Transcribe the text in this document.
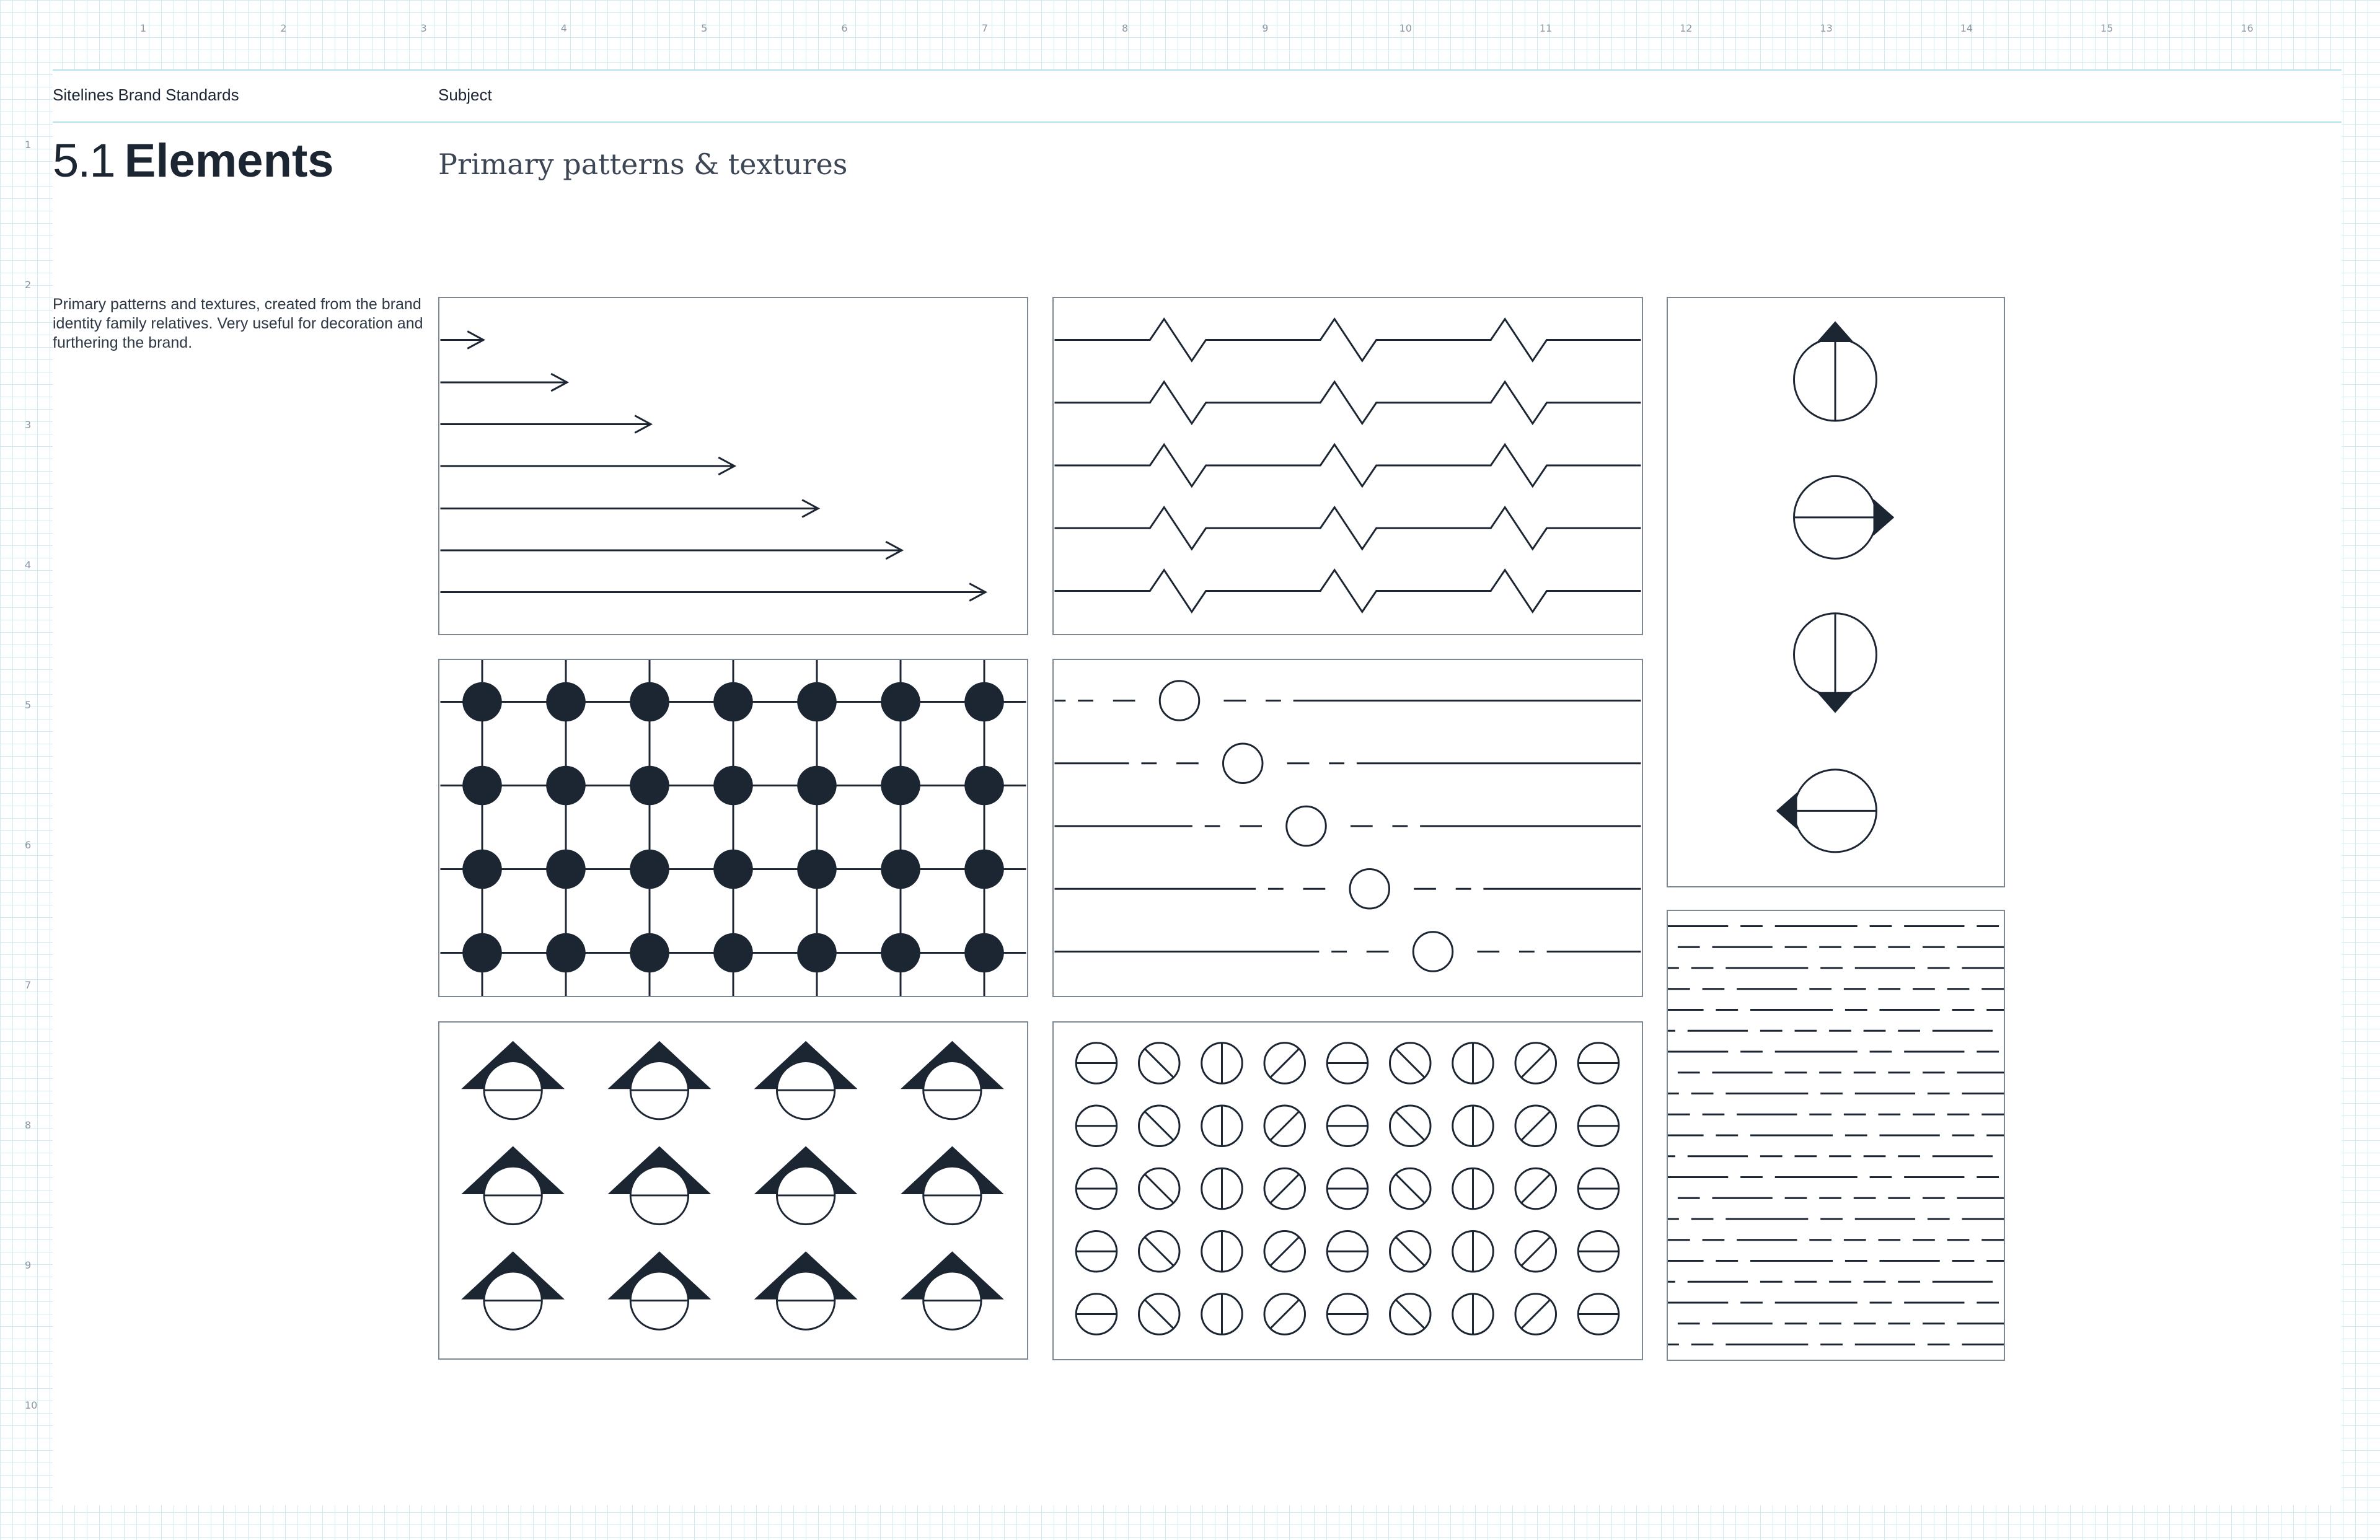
1	2	3	4	5	6	7	8	9	10	11	12	13	14	15	16
Sitelines Brand Standards	Subject
5.1 Elements	Primary patterns & textures
Primary patterns and textures, created from the brand identity family relatives. Very useful for decoration and furthering the brand.
1
2
3
4
5
6
7
8
9
10
